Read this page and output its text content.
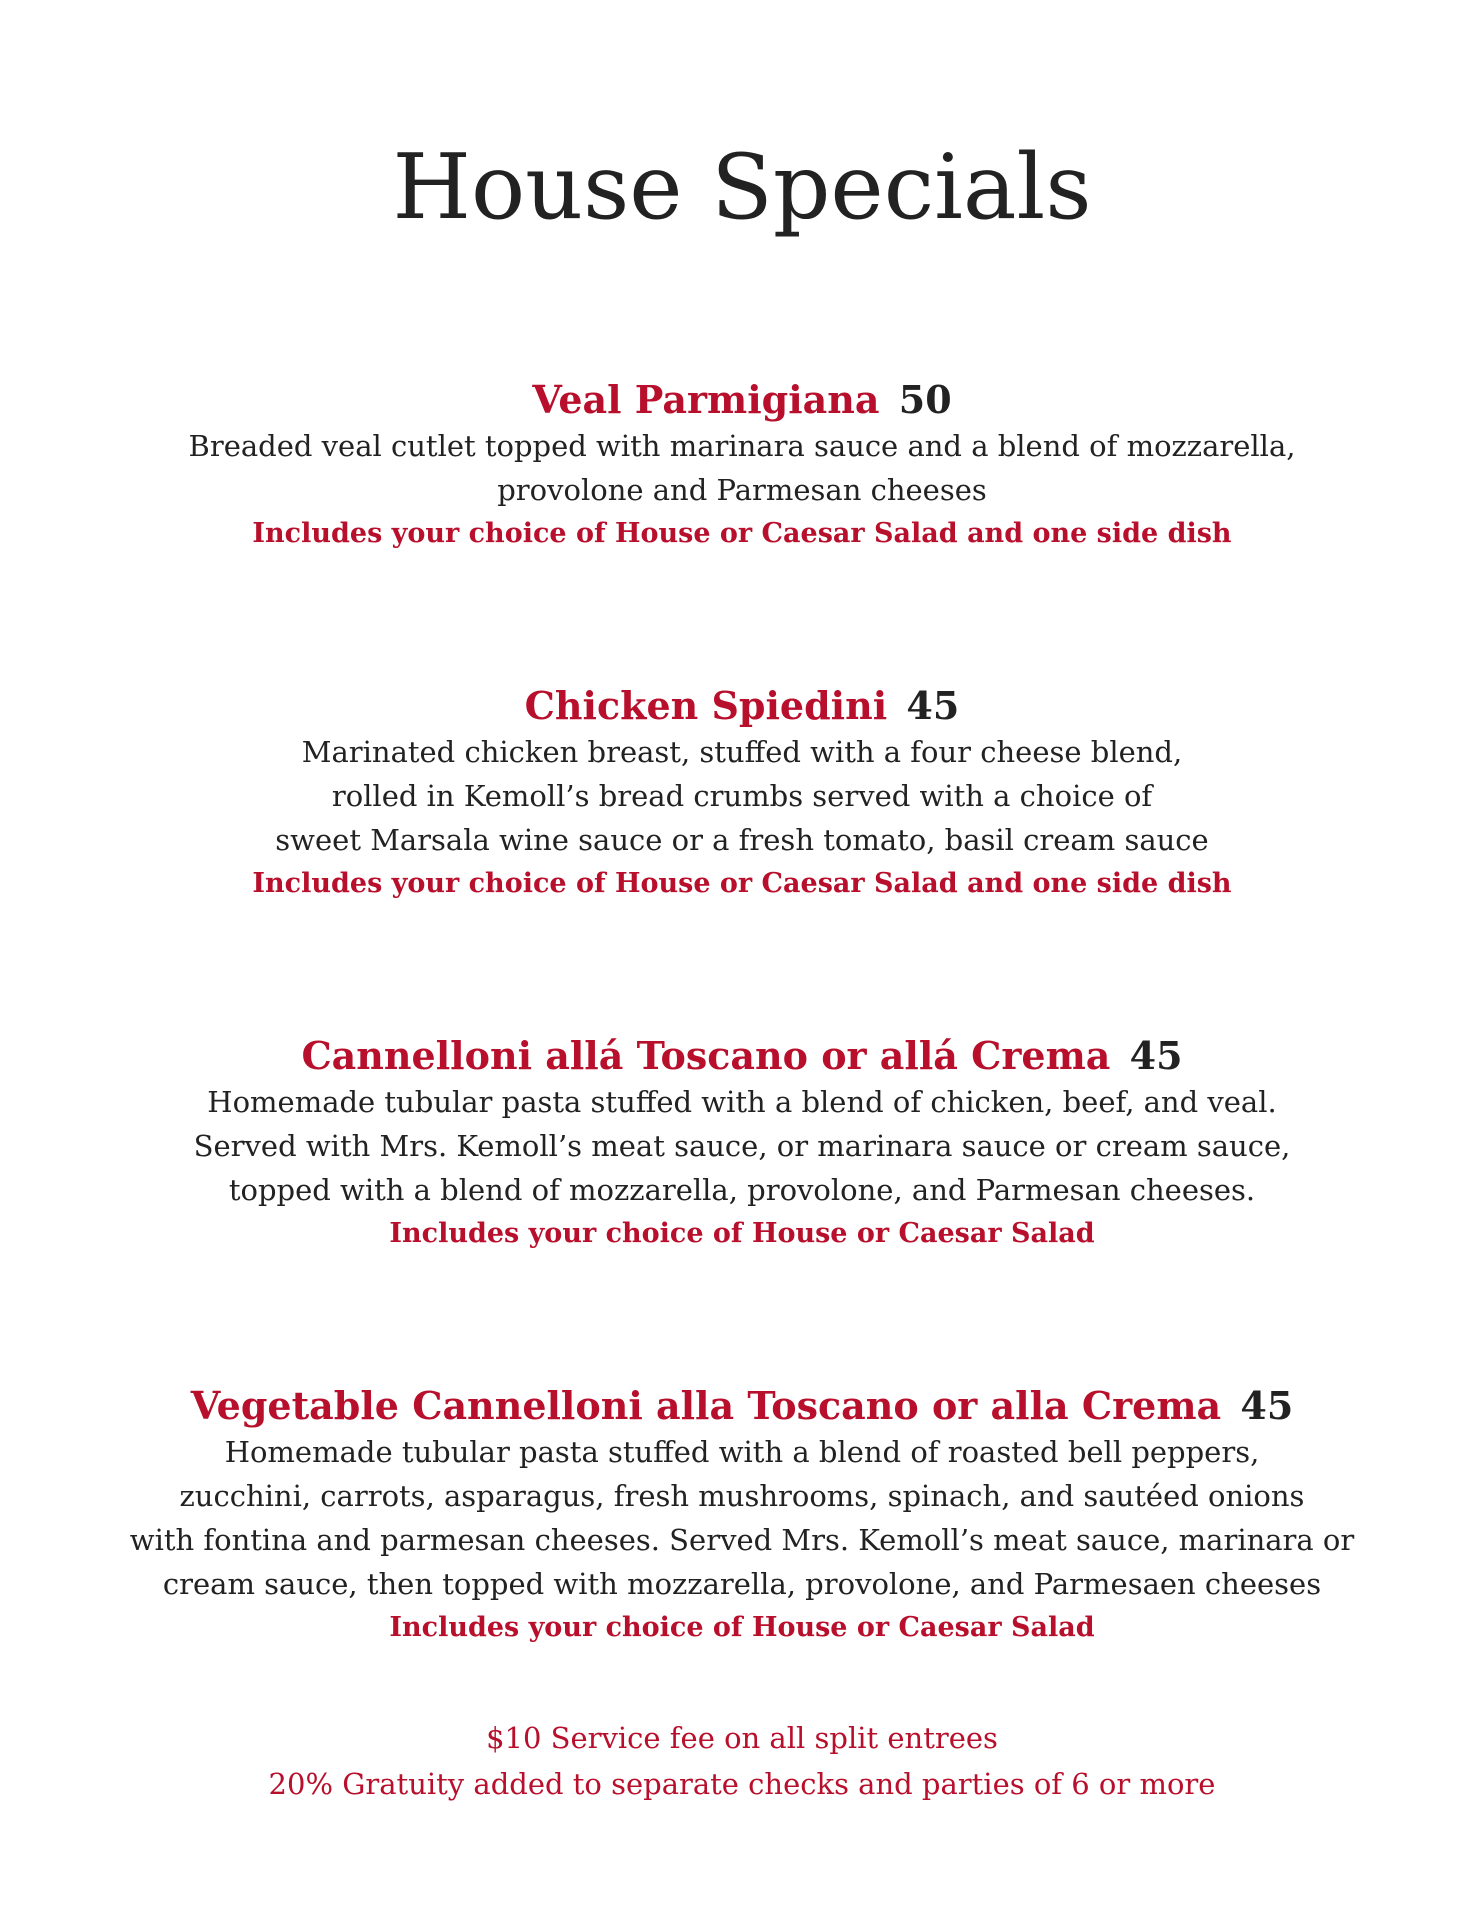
House Specials

Veal Parmigiana 50

Breaded veal cutlet topped with marinara sauce and a blend of mozzarella,

provolone and Parmesan cheeses

Includes your choice of House or Caesar Salad and one side dish

Chicken Spiedini 45

Marinated chicken breast, stuffed with a four cheese blend,

rolled in Kemoll’s bread crumbs served with a choice of

sweet Marsala wine sauce or a fresh tomato, basil cream sauce

Includes your choice of House or Caesar Salad and one side dish

Cannelloni allá Toscano or allá Crema 45

Homemade tubular pasta stuffed with a blend of chicken, beef, and veal.

Served with Mrs. Kemoll’s meat sauce, or marinara sauce or cream sauce,

topped with a blend of mozzarella, provolone, and Parmesan cheeses.

Includes your choice of House or Caesar Salad

Vegetable Cannelloni alla Toscano or alla Crema 45

Homemade tubular pasta stuffed with a blend of roasted bell peppers,

zucchini, carrots, asparagus, fresh mushrooms, spinach, and sautéed onions

with fontina and parmesan cheeses. Served Mrs. Kemoll’s meat sauce, marinara or

cream sauce, then topped with mozzarella, provolone, and Parmesaen cheeses

Includes your choice of House or Caesar Salad

$10 Service fee on all split entrees

20% Gratuity added to separate checks and parties of 6 or more
